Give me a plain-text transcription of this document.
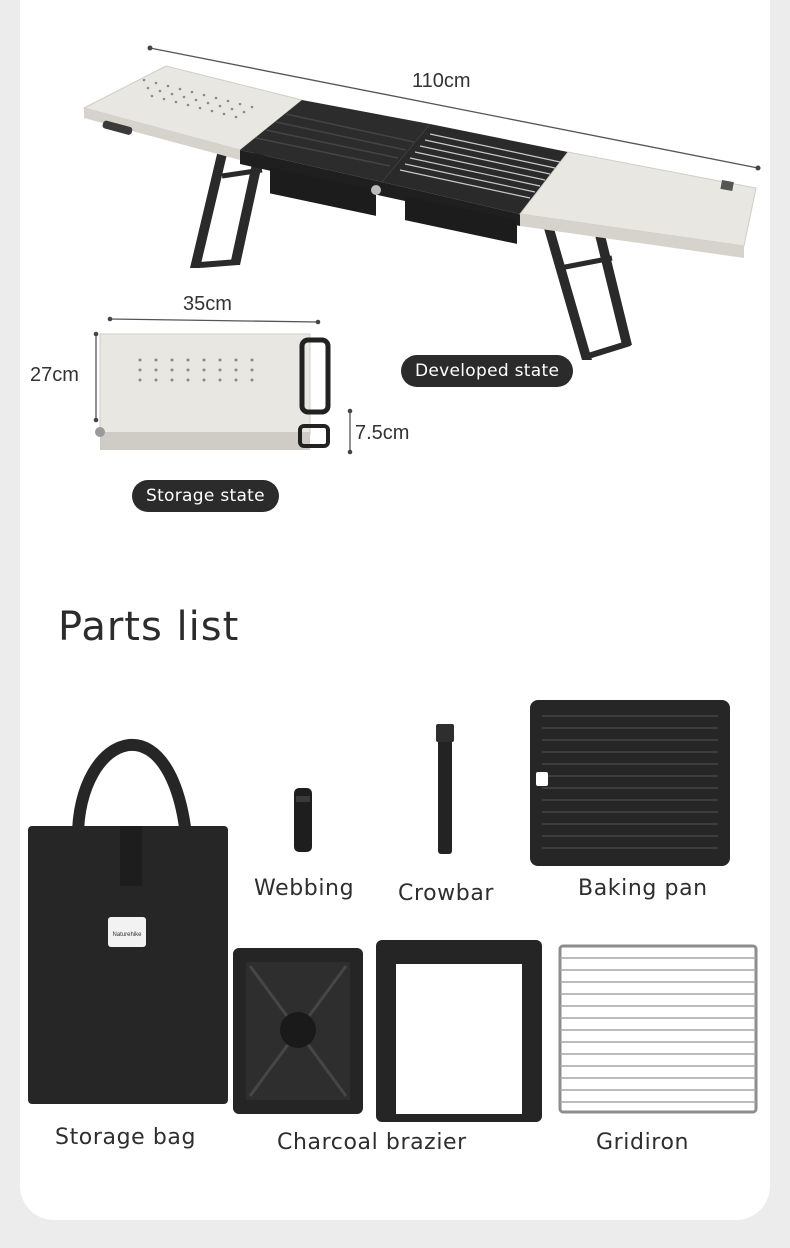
Naturehike
110cm
35cm
27cm
7.5cm
Developed state
Storage state
Parts list
Webbing Crowbar	Baking pan
Storage bag	Charcoal brazier	Gridiron
